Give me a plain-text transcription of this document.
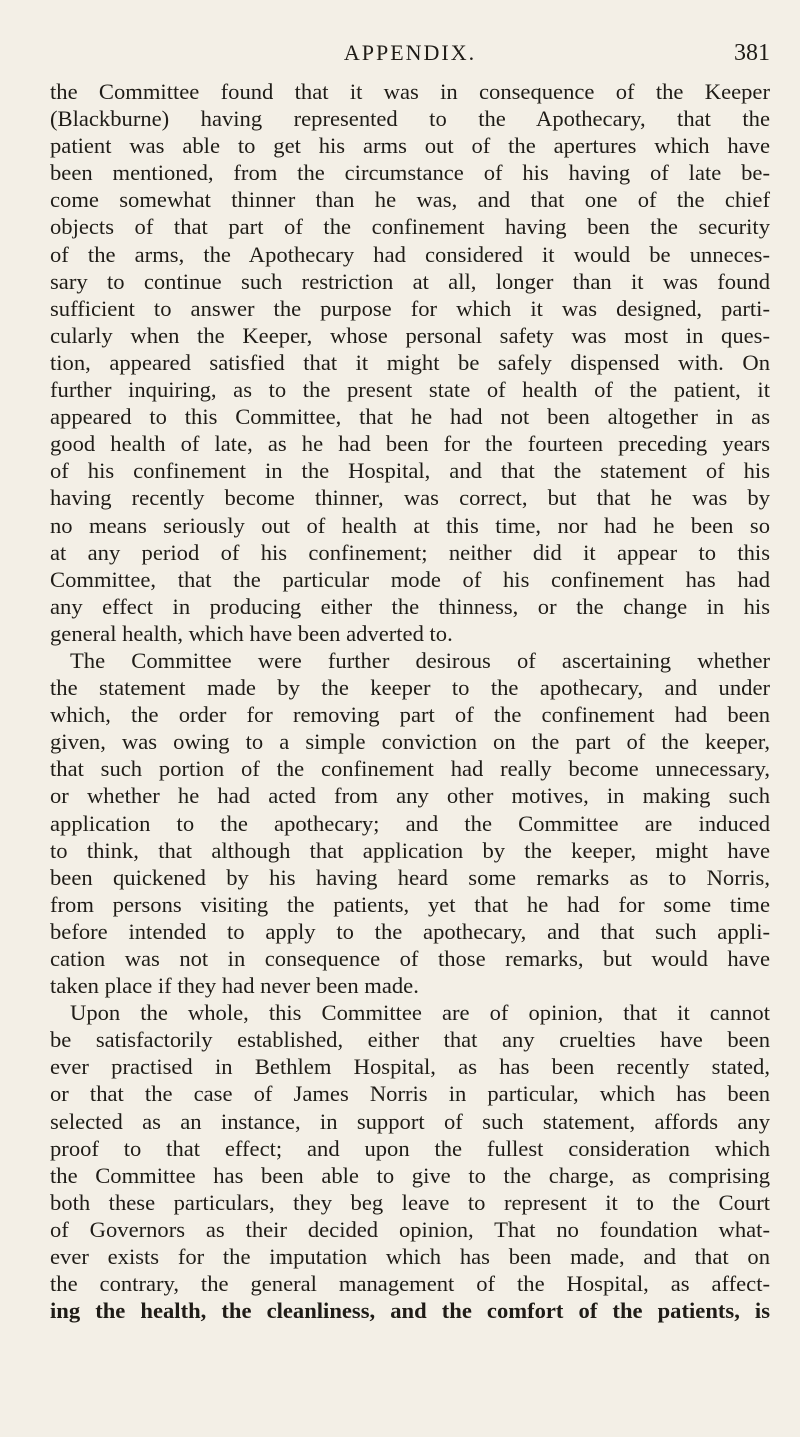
APPENDIX.	381
the Committee found that it was in consequence of the Keeper
(Blackburne) having represented to the Apothecary, that the
patient was able to get his arms out of the apertures which have
been mentioned, from the circumstance of his having of late be-
come somewhat thinner than he was, and that one of the chief
objects of that part of the confinement having been the security
of the arms, the Apothecary had considered it would be unneces-
sary to continue such restriction at all, longer than it was found
sufficient to answer the purpose for which it was designed, parti-
cularly when the Keeper, whose personal safety was most in ques-
tion, appeared satisfied that it might be safely dispensed with. On
further inquiring, as to the present state of health of the patient, it
appeared to this Committee, that he had not been altogether in as
good health of late, as he had been for the fourteen preceding years
of his confinement in the Hospital, and that the statement of his
having recently become thinner, was correct, but that he was by
no means seriously out of health at this time, nor had he been so
at any period of his confinement; neither did it appear to this
Committee, that the particular mode of his confinement has had
any effect in producing either the thinness, or the change in his
general health, which have been adverted to.
The Committee were further desirous of ascertaining whether
the statement made by the keeper to the apothecary, and under
which, the order for removing part of the confinement had been
given, was owing to a simple conviction on the part of the keeper,
that such portion of the confinement had really become unnecessary,
or whether he had acted from any other motives, in making such
application to the apothecary; and the Committee are induced
to think, that although that application by the keeper, might have
been quickened by his having heard some remarks as to Norris,
from persons visiting the patients, yet that he had for some time
before intended to apply to the apothecary, and that such appli-
cation was not in consequence of those remarks, but would have
taken place if they had never been made.
Upon the whole, this Committee are of opinion, that it cannot
be satisfactorily established, either that any cruelties have been
ever practised in Bethlem Hospital, as has been recently stated,
or that the case of James Norris in particular, which has been
selected as an instance, in support of such statement, affords any
proof to that effect; and upon the fullest consideration which
the Committee has been able to give to the charge, as comprising
both these particulars, they beg leave to represent it to the Court
of Governors as their decided opinion, That no foundation what-
ever exists for the imputation which has been made, and that on
the contrary, the general management of the Hospital, as affect-
ing the health, the cleanliness, and the comfort of the patients, is
